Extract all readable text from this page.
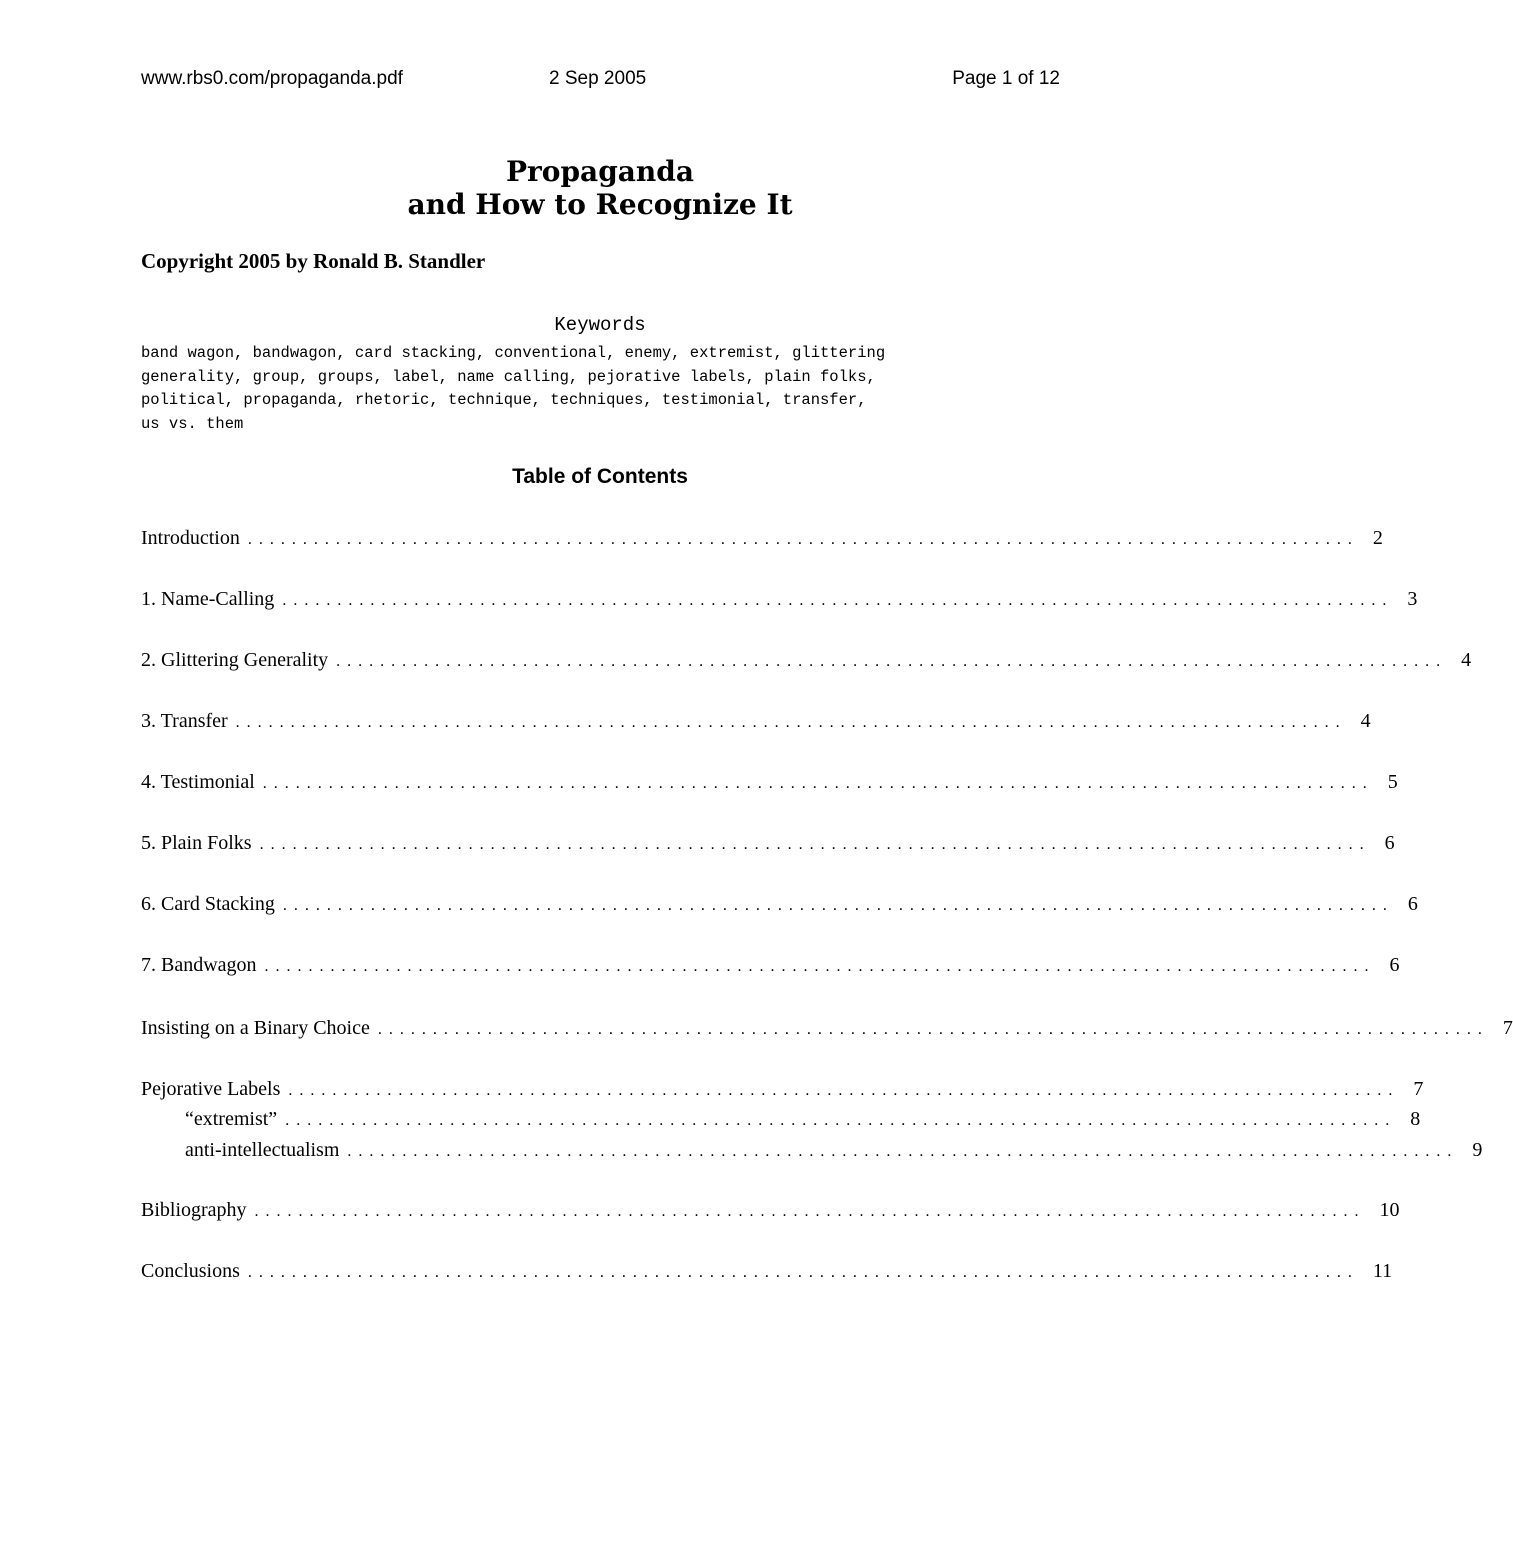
www.rbs0.com/propaganda.pdf	2 Sep 2005	Page 1 of 12
Propaganda
and How to Recognize It
Copyright 2005 by Ronald B. Standler
Keywords
band wagon, bandwagon, card stacking, conventional, enemy, extremist, glittering
generality, group, groups, label, name calling, pejorative labels, plain folks,
political, propaganda, rhetoric, technique, techniques, testimonial, transfer,
us vs. them
Table of Contents
Introduction ..................................................................................................... 2
1. Name-Calling ..................................................................................................... 3
2. Glittering Generality ..................................................................................................... 4
3. Transfer ..................................................................................................... 4
4. Testimonial ..................................................................................................... 5
5. Plain Folks ..................................................................................................... 6
6. Card Stacking ..................................................................................................... 6
7. Bandwagon ..................................................................................................... 6
Insisting on a Binary Choice ..................................................................................................... 7
Pejorative Labels ..................................................................................................... 7
“extremist” ..................................................................................................... 8
anti-intellectualism ..................................................................................................... 9
Bibliography ..................................................................................................... 10
Conclusions ..................................................................................................... 11
